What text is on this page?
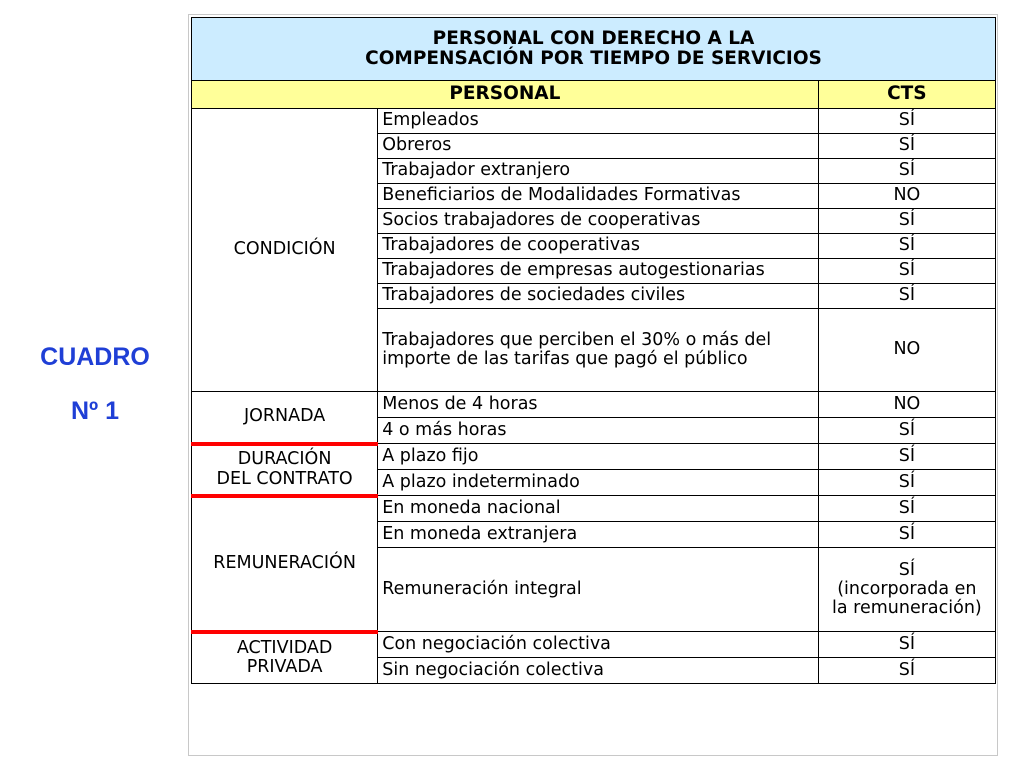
CUADRO
Nº 1
PERSONAL CON DERECHO A LA
COMPENSACIÓN POR TIEMPO DE SERVICIOS		
PERSONAL		CTS
CONDICIÓN	Empleados	SÍ
	Obreros	SÍ
	Trabajador extranjero	SÍ
	Beneficiarios de Modalidades Formativas	NO
	Socios trabajadores de cooperativas	SÍ
	Trabajadores de cooperativas	SÍ
	Trabajadores de empresas autogestionarias	SÍ
	Trabajadores de sociedades civiles	SÍ
	Trabajadores que perciben el 30% o más del
importe de las tarifas que pagó el público	NO
JORNADA	Menos de 4 horas	NO
	4 o más horas	SÍ
DURACIÓN
DEL CONTRATO	A plazo fijo	SÍ
	A plazo indeterminado	SÍ
REMUNERACIÓN	En moneda nacional	SÍ
	En moneda extranjera	SÍ
	Remuneración integral	SÍ
(incorporada en
la remuneración)
ACTIVIDAD
PRIVADA	Con negociación colectiva	SÍ
	Sin negociación colectiva	SÍ
